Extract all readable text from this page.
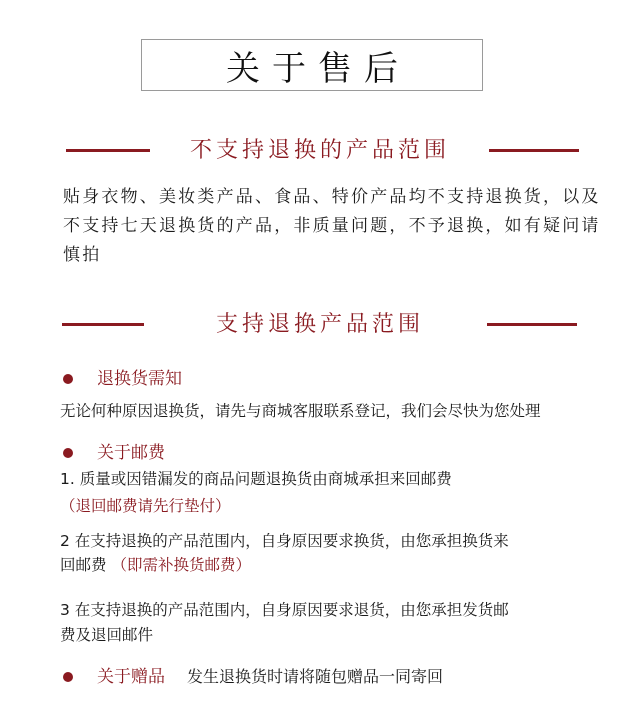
关于售后
不支持退换的产品范围

贴身衣物、美妆类产品、食品、特价产品均不支持退换货，以及不支持七天退换货的产品，非质量问题，不予退换，如有疑问请慎拍

支持退换产品范围
退换货需知

无论何种原因退换货，请先与商城客服联系登记，我们会尽快为您处理

关于邮费

1. 质量或因错漏发的商品问题退换货由商城承担来回邮费

（退回邮费请先行垫付）

2 在支持退换的产品范围内，自身原因要求换货，由您承担换货来

回邮费 （即需补换货邮费）

3 在支持退换的产品范围内，自身原因要求退货，由您承担发货邮

费及退回邮件

关于赠品 发生退换货时请将随包赠品一同寄回
